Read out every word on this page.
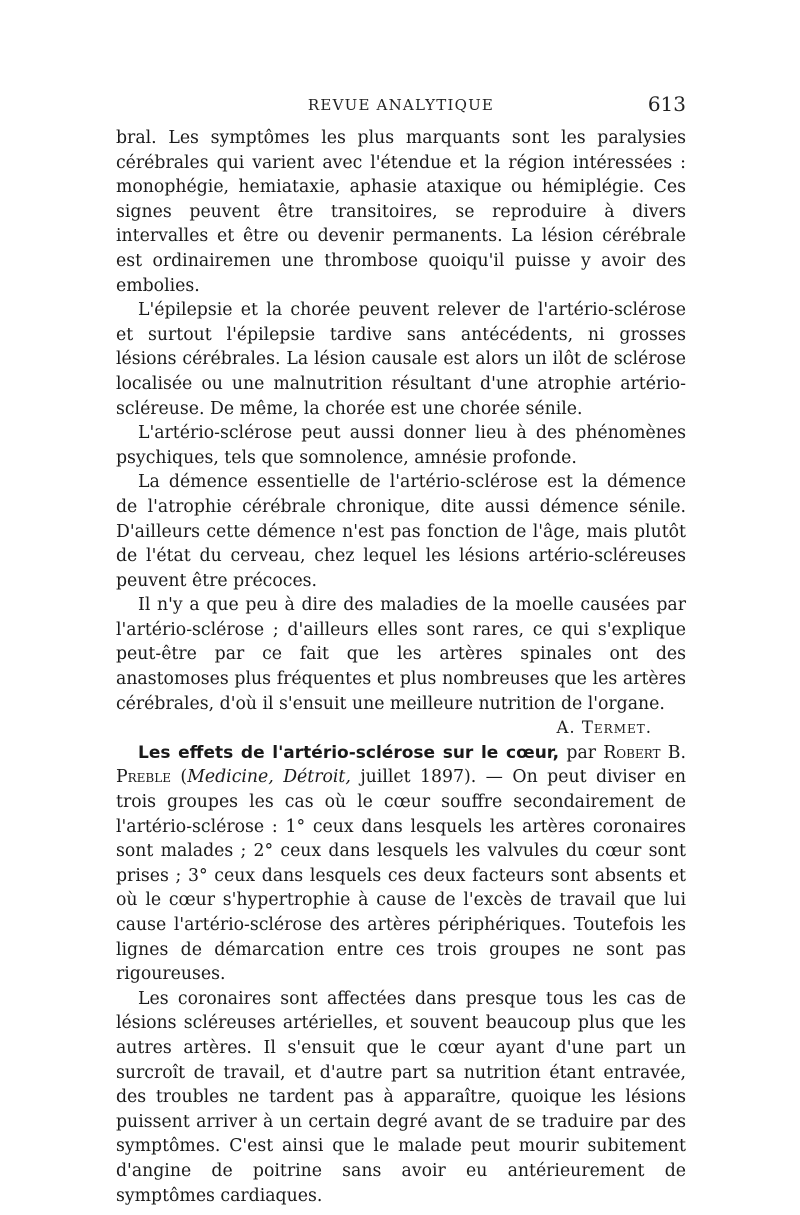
REVUE ANALYTIQUE	613

bral. Les symptômes les plus marquants sont les paralysies cérébrales qui varient avec l'étendue et la région intéressées : monophégie, hemiataxie, aphasie ataxique ou hémiplégie. Ces signes peuvent être transitoires, se reproduire à divers intervalles et être ou devenir permanents. La lésion cérébrale est ordinairemen une thrombose quoiqu'il puisse y avoir des embolies.

L'épilepsie et la chorée peuvent relever de l'artério-sclérose et surtout l'épilepsie tardive sans antécédents, ni grosses lésions cérébrales. La lésion causale est alors un ilôt de sclérose localisée ou une malnutrition résultant d'une atrophie artério-scléreuse. De même, la chorée est une chorée sénile.

L'artério-sclérose peut aussi donner lieu à des phénomènes psychiques, tels que somnolence, amnésie profonde.

La démence essentielle de l'artério-sclérose est la démence de l'atrophie cérébrale chronique, dite aussi démence sénile. D'ailleurs cette démence n'est pas fonction de l'âge, mais plutôt de l'état du cerveau, chez lequel les lésions artério-scléreuses peuvent être précoces.

Il n'y a que peu à dire des maladies de la moelle causées par l'artério-sclérose ; d'ailleurs elles sont rares, ce qui s'explique peut-être par ce fait que les artères spinales ont des anastomoses plus fréquentes et plus nombreuses que les artères cérébrales, d'où il s'ensuit une meilleure nutrition de l'organe.

A. Termet.

Les effets de l'artério-sclérose sur le cœur, par Robert B. Preble (Medicine, Détroit, juillet 1897). — On peut diviser en trois groupes les cas où le cœur souffre secondairement de l'artério-sclérose : 1° ceux dans lesquels les artères coronaires sont malades ; 2° ceux dans lesquels les valvules du cœur sont prises ; 3° ceux dans lesquels ces deux facteurs sont absents et où le cœur s'hypertrophie à cause de l'excès de travail que lui cause l'artério-sclérose des artères périphériques. Toutefois les lignes de démarcation entre ces trois groupes ne sont pas rigoureuses.

Les coronaires sont affectées dans presque tous les cas de lésions scléreuses artérielles, et souvent beaucoup plus que les autres artères. Il s'ensuit que le cœur ayant d'une part un surcroît de travail, et d'autre part sa nutrition étant entravée, des troubles ne tardent pas à apparaître, quoique les lésions puissent arriver à un certain degré avant de se traduire par des symptômes. C'est ainsi que le malade peut mourir subitement d'angine de poitrine sans avoir eu antérieurement de symptômes cardiaques.
